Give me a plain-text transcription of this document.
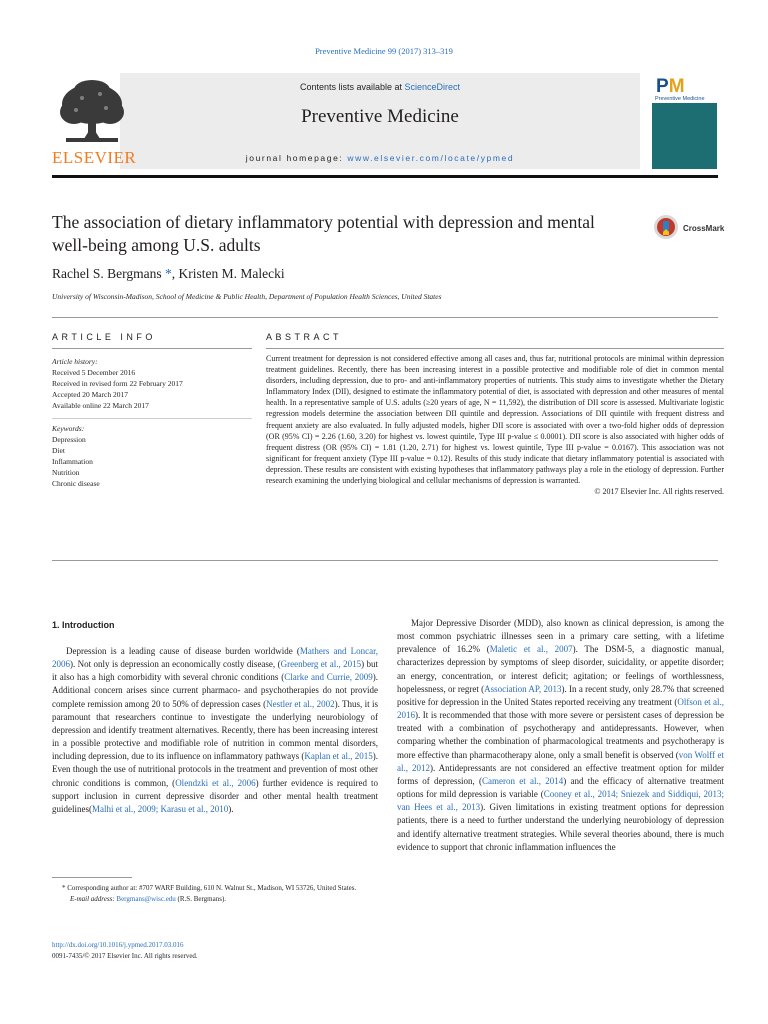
Preventive Medicine 99 (2017) 313–319
Contents lists available at ScienceDirect
Preventive Medicine
journal homepage: www.elsevier.com/locate/ypmed
ELSEVIER
PM
Preventive Medicine
The association of dietary inflammatory potential with depression and mental well-being among U.S. adults
CrossMark
Rachel S. Bergmans *, Kristen M. Malecki
University of Wisconsin-Madison, School of Medicine & Public Health, Department of Population Health Sciences, United States
ARTICLE INFO
Article history:
Received 5 December 2016
Received in revised form 22 February 2017
Accepted 20 March 2017
Available online 22 March 2017
Keywords:
Depression
Diet
Inflammation
Nutrition
Chronic disease
ABSTRACT
Current treatment for depression is not considered effective among all cases and, thus far, nutritional protocols are minimal within depression treatment guidelines. Recently, there has been increasing interest in a possible protective and modifiable role of diet in common mental disorders, including depression, due to pro- and anti-inflammatory properties of nutrients. This study aims to investigate whether the Dietary Inflammatory Index (DII), designed to estimate the inflammatory potential of diet, is associated with depression and other measures of mental health. In a representative sample of U.S. adults (≥20 years of age, N = 11,592), the distribution of DII score is assessed. Multivariate logistic regression models determine the association between DII quintile and depression. Associations of DII quintile with frequent distress and frequent anxiety are also evaluated. In fully adjusted models, higher DII score is associated with over a two-fold higher odds of depression (OR (95% CI) = 2.26 (1.60, 3.20) for highest vs. lowest quintile, Type III p-value ≤ 0.0001). DII score is also associated with higher odds of frequent distress (OR (95% CI) = 1.81 (1.20, 2.71) for highest vs. lowest quintile, Type III p-value = 0.0167). This association was not significant for frequent anxiety (Type III p-value = 0.12). Results of this study indicate that dietary inflammatory potential is associated with depression. These results are consistent with existing hypotheses that inflammatory pathways play a role in the etiology of depression. Further research examining the underlying biological and cellular mechanisms of depression is warranted.
© 2017 Elsevier Inc. All rights reserved.
1. Introduction

Depression is a leading cause of disease burden worldwide (Mathers and Loncar, 2006). Not only is depression an economically costly disease, (Greenberg et al., 2015) but it also has a high comorbidity with several chronic conditions (Clarke and Currie, 2009). Additional concern arises since current pharmaco- and psychotherapies do not provide complete remission among 20 to 50% of depression cases (Nestler et al., 2002). Thus, it is paramount that researchers continue to investigate the underlying neurobiology of depression and identify treatment alternatives. Recently, there has been increasing interest in a possible protective and modifiable role of nutrition in common mental disorders, including depression, due to its influence on inflammatory pathways (Kaplan et al., 2015). Even though the use of nutritional protocols in the treatment and prevention of most other chronic conditions is common, (Olendzki et al., 2006) further evidence is required to support inclusion in current depressive disorder and other mental health treatment guidelines(Malhi et al., 2009; Karasu et al., 2010).

Major Depressive Disorder (MDD), also known as clinical depression, is among the most common psychiatric illnesses seen in a primary care setting, with a lifetime prevalence of 16.2% (Maletic et al., 2007). The DSM-5, a diagnostic manual, characterizes depression by symptoms of sleep disorder, suicidality, or appetite disorder; an energy, concentration, or interest deficit; agitation; or feelings of worthlessness, hopelessness, or regret (Association AP, 2013). In a recent study, only 28.7% that screened positive for depression in the United States reported receiving any treatment (Olfson et al., 2016). It is recommended that those with more severe or persistent cases of depression be treated with a combination of psychotherapy and antidepressants. However, when comparing whether the combination of pharmacological treatments and psychotherapy is more effective than pharmacotherapy alone, only a small benefit is observed (von Wolff et al., 2012). Antidepressants are not considered an effective treatment option for milder forms of depression, (Cameron et al., 2014) and the efficacy of alternative treatment options for mild depression is variable (Cooney et al., 2014; Sniezek and Siddiqui, 2013; van Hees et al., 2013). Given limitations in existing treatment options for depression patients, there is a need to further understand the underlying neurobiology of depression and identify alternative treatment strategies. While several theories abound, there is much evidence to support that chronic inflammation influences the

* Corresponding author at: #707 WARF Building, 610 N. Walnut St., Madison, WI 53726, United States.
E-mail address: Bergmans@wisc.edu (R.S. Bergmans).
http://dx.doi.org/10.1016/j.ypmed.2017.03.016
0091-7435/© 2017 Elsevier Inc. All rights reserved.
